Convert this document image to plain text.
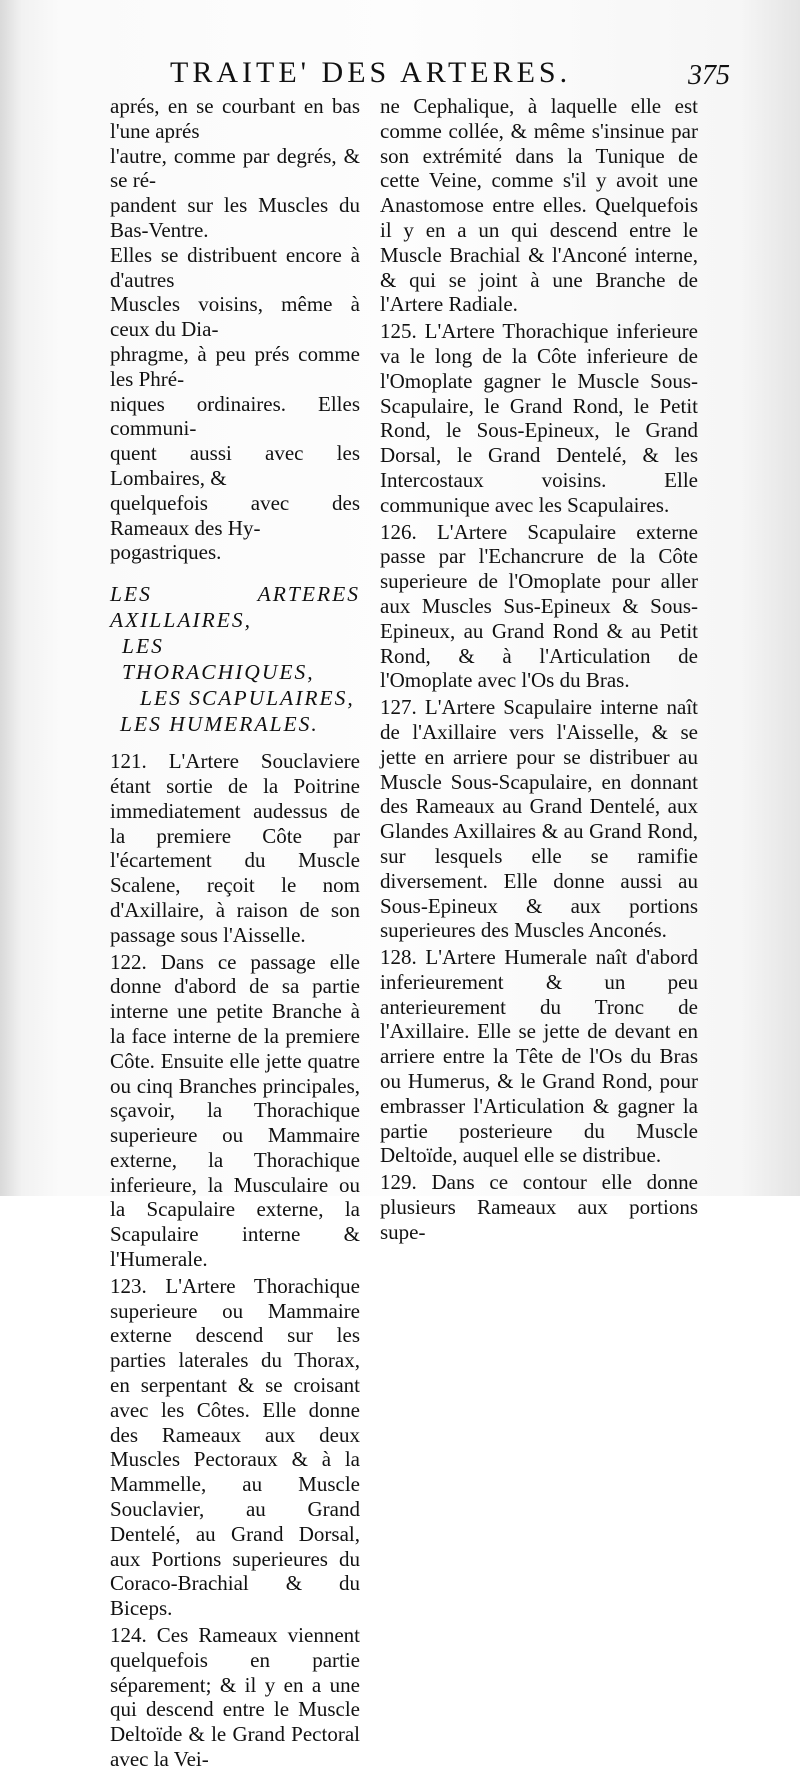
TRAITE' DES ARTERES.	375

aprés, en se courbant en bas l'une aprés

l'autre, comme par degrés, & se ré-

pandent sur les Muscles du Bas-Ventre.

Elles se distribuent encore à d'autres

Muscles voisins, même à ceux du Dia-

phragme, à peu prés comme les Phré-

niques ordinaires. Elles communi-

quent aussi avec les Lombaires, &

quelquefois avec des Rameaux des Hy-

pogastriques.

LES ARTERES AXILLAIRES,
LES THORACHIQUES,
LES SCAPULAIRES,
LES HUMERALES.

121. L'Artere Souclaviere étant sortie de la Poitrine immediatement audessus de la premiere Côte par l'écartement du Muscle Scalene, reçoit le nom d'Axillaire, à raison de son passage sous l'Aisselle.

122. Dans ce passage elle donne d'abord de sa partie interne une petite Branche à la face interne de la premiere Côte. Ensuite elle jette quatre ou cinq Branches principales, sçavoir, la Thorachique superieure ou Mammaire externe, la Thorachique inferieure, la Musculaire ou la Scapulaire externe, la Scapulaire interne & l'Humerale.

123. L'Artere Thorachique superieure ou Mammaire externe descend sur les parties laterales du Thorax, en serpentant & se croisant avec les Côtes. Elle donne des Rameaux aux deux Muscles Pectoraux & à la Mammelle, au Muscle Souclavier, au Grand Dentelé, au Grand Dorsal, aux Portions superieures du Coraco-Brachial & du Biceps.

124. Ces Rameaux viennent quelquefois en partie séparement; & il y en a une qui descend entre le Muscle Deltoïde & le Grand Pectoral avec la Vei-

ne Cephalique, à laquelle elle est comme collée, & même s'insinue par son extrémité dans la Tunique de cette Veine, comme s'il y avoit une Anastomose entre elles. Quelquefois il y en a un qui descend entre le Muscle Brachial & l'Anconé interne, & qui se joint à une Branche de l'Artere Radiale.

125. L'Artere Thorachique inferieure va le long de la Côte inferieure de l'Omoplate gagner le Muscle Sous-Scapulaire, le Grand Rond, le Petit Rond, le Sous-Epineux, le Grand Dorsal, le Grand Dentelé, & les Intercostaux voisins. Elle communique avec les Scapulaires.

126. L'Artere Scapulaire externe passe par l'Echancrure de la Côte superieure de l'Omoplate pour aller aux Muscles Sus-Epineux & Sous-Epineux, au Grand Rond & au Petit Rond, & à l'Articulation de l'Omoplate avec l'Os du Bras.

127. L'Artere Scapulaire interne naît de l'Axillaire vers l'Aisselle, & se jette en arriere pour se distribuer au Muscle Sous-Scapulaire, en donnant des Rameaux au Grand Dentelé, aux Glandes Axillaires & au Grand Rond, sur lesquels elle se ramifie diversement. Elle donne aussi au Sous-Epineux & aux portions superieures des Muscles Anconés.

128. L'Artere Humerale naît d'abord inferieurement & un peu anterieurement du Tronc de l'Axillaire. Elle se jette de devant en arriere entre la Tête de l'Os du Bras ou Humerus, & le Grand Rond, pour embrasser l'Articulation & gagner la partie posterieure du Muscle Deltoïde, auquel elle se distribue.

129. Dans ce contour elle donne plusieurs Rameaux aux portions supe-
